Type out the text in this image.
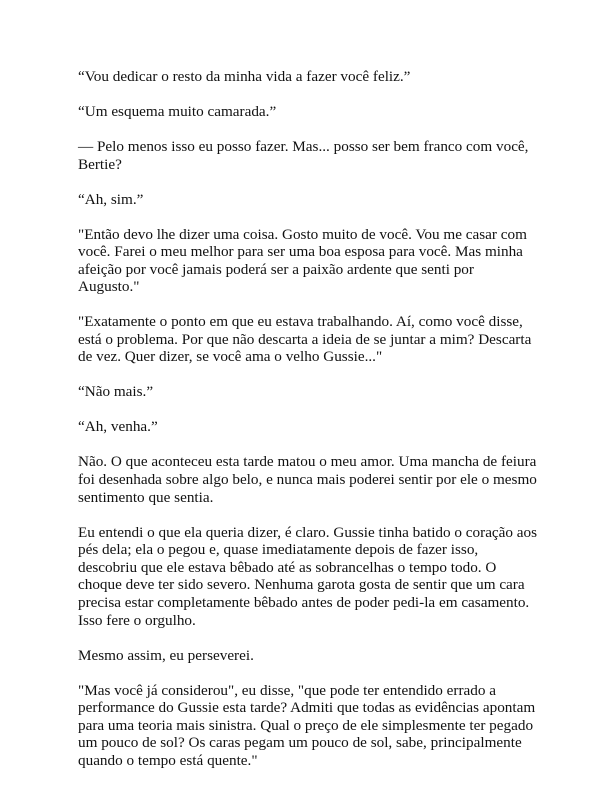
“Vou dedicar o resto da minha vida a fazer você feliz.”

“Um esquema muito camarada.”

— Pelo menos isso eu posso fazer. Mas... posso ser bem franco com você, Bertie?

“Ah, sim.”

"Então devo lhe dizer uma coisa. Gosto muito de você. Vou me casar com você. Farei o meu melhor para ser uma boa esposa para você. Mas minha afeição por você jamais poderá ser a paixão ardente que senti por Augusto."

"Exatamente o ponto em que eu estava trabalhando. Aí, como você disse, está o problema. Por que não descarta a ideia de se juntar a mim? Descarta de vez. Quer dizer, se você ama o velho Gussie..."

“Não mais.”

“Ah, venha.”

Não. O que aconteceu esta tarde matou o meu amor. Uma mancha de feiura foi desenhada sobre algo belo, e nunca mais poderei sentir por ele o mesmo sentimento que sentia.

Eu entendi o que ela queria dizer, é claro. Gussie tinha batido o coração aos pés dela; ela o pegou e, quase imediatamente depois de fazer isso, descobriu que ele estava bêbado até as sobrancelhas o tempo todo. O choque deve ter sido severo. Nenhuma garota gosta de sentir que um cara precisa estar completamente bêbado antes de poder pedi-la em casamento. Isso fere o orgulho.

Mesmo assim, eu perseverei.

"Mas você já considerou", eu disse, "que pode ter entendido errado a performance do Gussie esta tarde? Admiti que todas as evidências apontam para uma teoria mais sinistra. Qual o preço de ele simplesmente ter pegado um pouco de sol? Os caras pegam um pouco de sol, sabe, principalmente quando o tempo está quente."
